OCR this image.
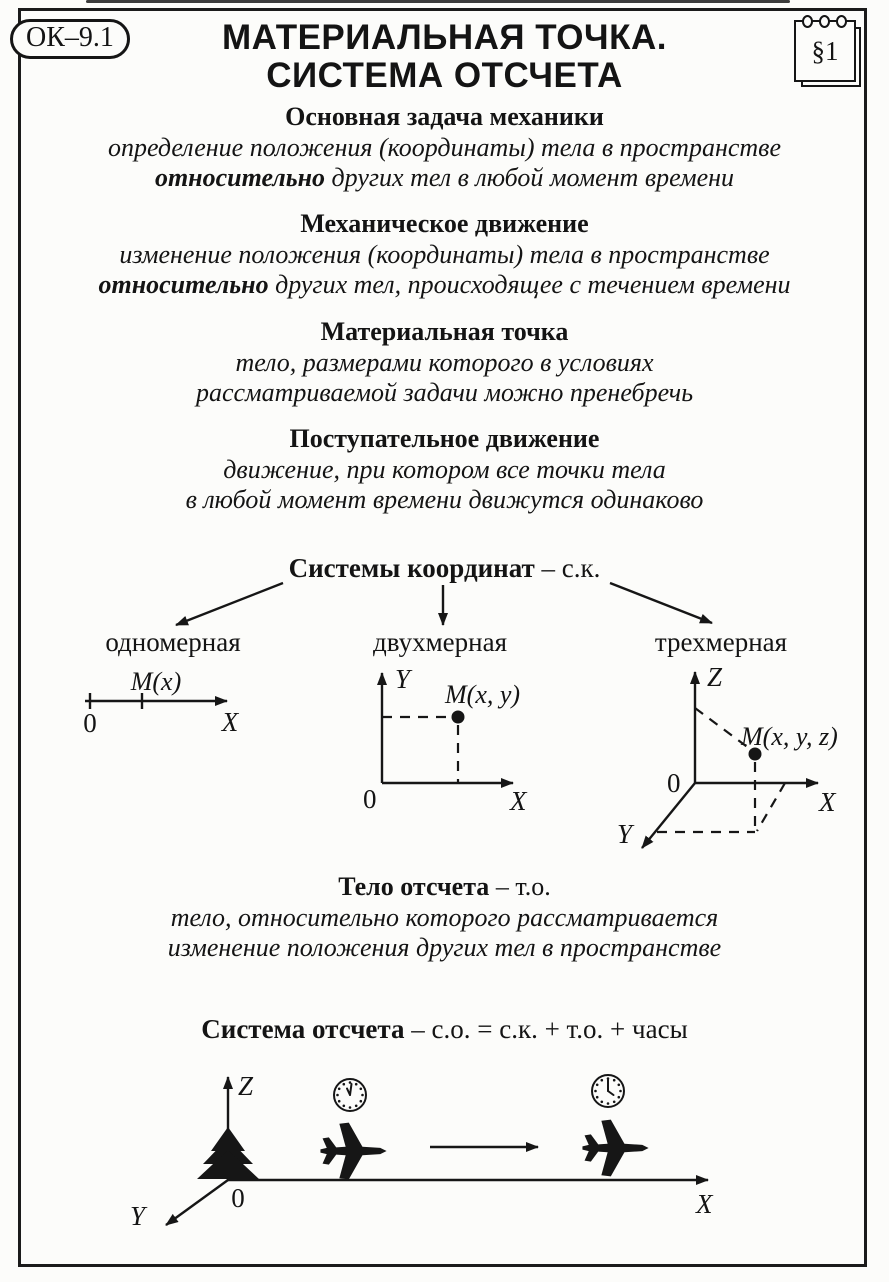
ОК–9.1	МАТЕРИАЛЬНАЯ ТОЧКА.
СИСТЕМА ОТСЧЕТА
§1
Основная задача механики
определение положения (координаты) тела в пространстве
относительно других тел в любой момент времени
Механическое движение
изменение положения (координаты) тела в пространстве
относительно других тел, происходящее с течением времени
Материальная точка
тело, размерами которого в условиях
рассматриваемой задачи можно пренебречь
Поступательное движение
движение, при котором все точки тела
в любой момент времени движутся одинаково
Системы координат – с.к.
одномерная	двухмерная	трехмерная
M(x)
0	X
Y
M(x, y)
0	X
Z
M(x, y, z)
0
X
Y
Тело отсчета – т.о.
тело, относительно которого рассматривается
изменение положения других тел в пространстве
Система отсчета – с.о. = с.к. + т.о. + часы
Z
X
Y
0
